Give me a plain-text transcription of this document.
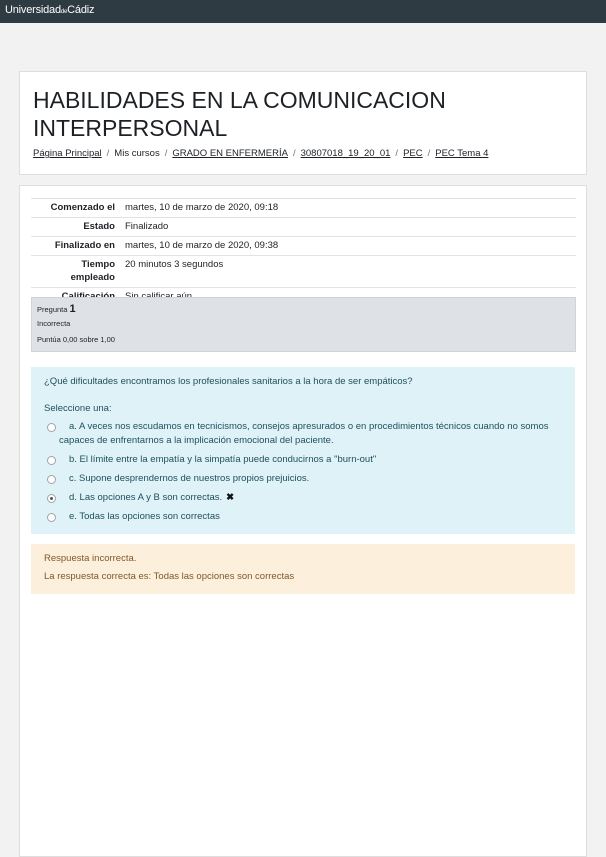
UniversidaddeCádiz
HABILIDADES EN LA COMUNICACION INTERPERSONAL
Página Principal / Mis cursos / GRADO EN ENFERMERÍA / 30807018_19_20_01 / PEC / PEC Tema 4
Comenzado el	martes, 10 de marzo de 2020, 09:18
Estado	Finalizado
Finalizado en	martes, 10 de marzo de 2020, 09:38
Tiempo empleado	20 minutos 3 segundos

Pregunta 1
Incorrecta
Puntúa 0,00 sobre 1,00
¿Qué dificultades encontramos los profesionales sanitarios a la hora de ser empáticos?
Seleccione una:
a. A veces nos escudamos en tecnicismos, consejos apresurados o en procedimientos técnicos cuando no somos capaces de enfrentarnos a la implicación emocional del paciente.
b. El límite entre la empatía y la simpatía puede conducirnos a "burn-out"
c. Supone desprendernos de nuestros propios prejuicios.
d. Las opciones A y B son correctas. ✖
e. Todas las opciones son correctas
Respuesta incorrecta.
La respuesta correcta es: Todas las opciones son correctas
